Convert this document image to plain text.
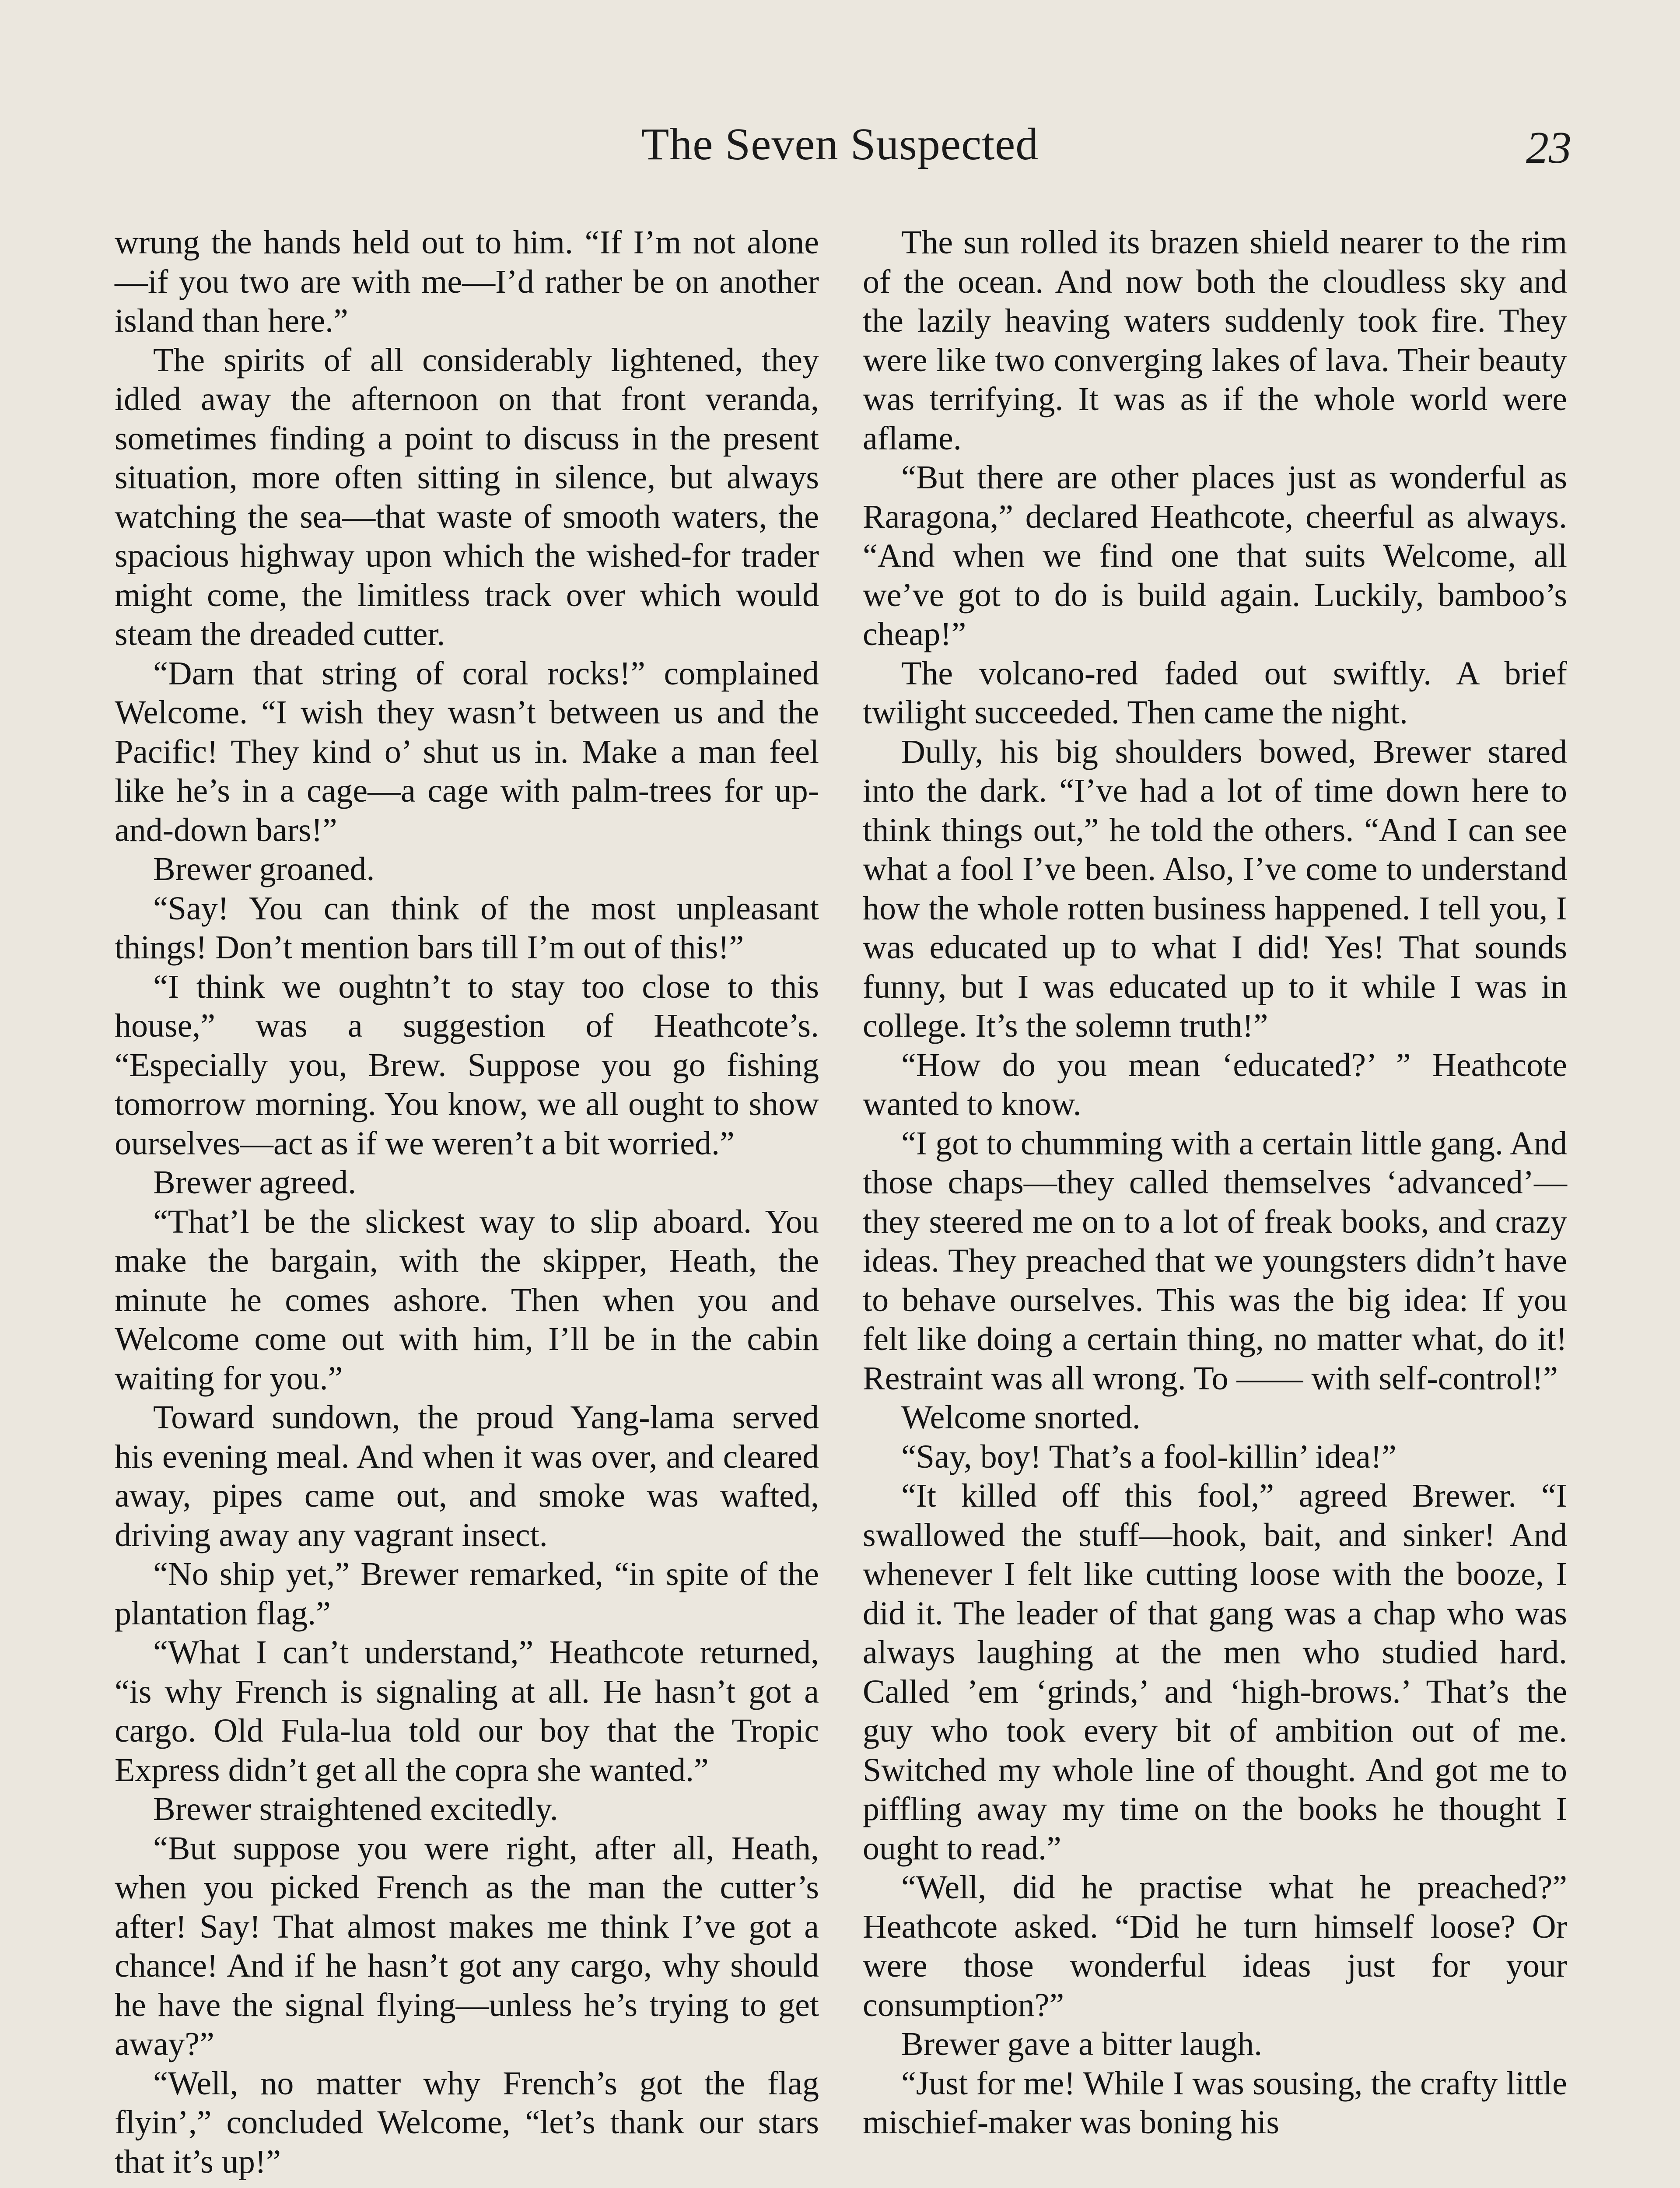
The Seven Suspected	23

wrung the hands held out to him. “If I’m not alone—if you two are with me—I’d rather be on another island than here.”

The spirits of all considerably lightened, they idled away the afternoon on that front veranda, sometimes finding a point to discuss in the present situation, more often sitting in silence, but always watching the sea—that waste of smooth waters, the spacious highway upon which the wished-for trader might come, the limitless track over which would steam the dreaded cutter.

“Darn that string of coral rocks!” complained Welcome. “I wish they wasn’t between us and the Pacific! They kind o’ shut us in. Make a man feel like he’s in a cage—a cage with palm-trees for up-and-down bars!”

Brewer groaned.

“Say! You can think of the most unpleasant things! Don’t mention bars till I’m out of this!”

“I think we oughtn’t to stay too close to this house,” was a suggestion of Heathcote’s. “Especially you, Brew. Suppose you go fishing tomorrow morning. You know, we all ought to show ourselves—act as if we weren’t a bit worried.”

Brewer agreed.

“That’l be the slickest way to slip aboard. You make the bargain, with the skipper, Heath, the minute he comes ashore. Then when you and Welcome come out with him, I’ll be in the cabin waiting for you.”

Toward sundown, the proud Yang-lama served his evening meal. And when it was over, and cleared away, pipes came out, and smoke was wafted, driving away any vagrant insect.

“No ship yet,” Brewer remarked, “in spite of the plantation flag.”

“What I can’t understand,” Heathcote returned, “is why French is signaling at all. He hasn’t got a cargo. Old Fula-lua told our boy that the Tropic Express didn’t get all the copra she wanted.”

Brewer straightened excitedly.

“But suppose you were right, after all, Heath, when you picked French as the man the cutter’s after! Say! That almost makes me think I’ve got a chance! And if he hasn’t got any cargo, why should he have the signal flying—unless he’s trying to get away?”

“Well, no matter why French’s got the flag flyin’,” concluded Welcome, “let’s thank our stars that it’s up!”

The sun rolled its brazen shield nearer to the rim of the ocean. And now both the cloudless sky and the lazily heaving waters suddenly took fire. They were like two converging lakes of lava. Their beauty was terrifying. It was as if the whole world were aflame.

“But there are other places just as wonderful as Raragona,” declared Heathcote, cheerful as always. “And when we find one that suits Welcome, all we’ve got to do is build again. Luckily, bamboo’s cheap!”

The volcano-red faded out swiftly. A brief twilight succeeded. Then came the night.

Dully, his big shoulders bowed, Brewer stared into the dark. “I’ve had a lot of time down here to think things out,” he told the others. “And I can see what a fool I’ve been. Also, I’ve come to understand how the whole rotten business happened. I tell you, I was educated up to what I did! Yes! That sounds funny, but I was educated up to it while I was in college. It’s the solemn truth!”

“How do you mean ‘educated?’ ” Heathcote wanted to know.

“I got to chumming with a certain little gang. And those chaps—they called themselves ‘advanced’—they steered me on to a lot of freak books, and crazy ideas. They preached that we youngsters didn’t have to behave ourselves. This was the big idea: If you felt like doing a certain thing, no matter what, do it! Restraint was all wrong. To —— with self-control!”

Welcome snorted.

“Say, boy! That’s a fool-killin’ idea!”

“It killed off this fool,” agreed Brewer. “I swallowed the stuff—hook, bait, and sinker! And whenever I felt like cutting loose with the booze, I did it. The leader of that gang was a chap who was always laughing at the men who studied hard. Called ’em ‘grinds,’ and ‘high-brows.’ That’s the guy who took every bit of ambition out of me. Switched my whole line of thought. And got me to piffling away my time on the books he thought I ought to read.”

“Well, did he practise what he preached?” Heathcote asked. “Did he turn himself loose? Or were those wonderful ideas just for your consumption?”

Brewer gave a bitter laugh.

“Just for me! While I was sousing, the crafty little mischief-maker was boning his
